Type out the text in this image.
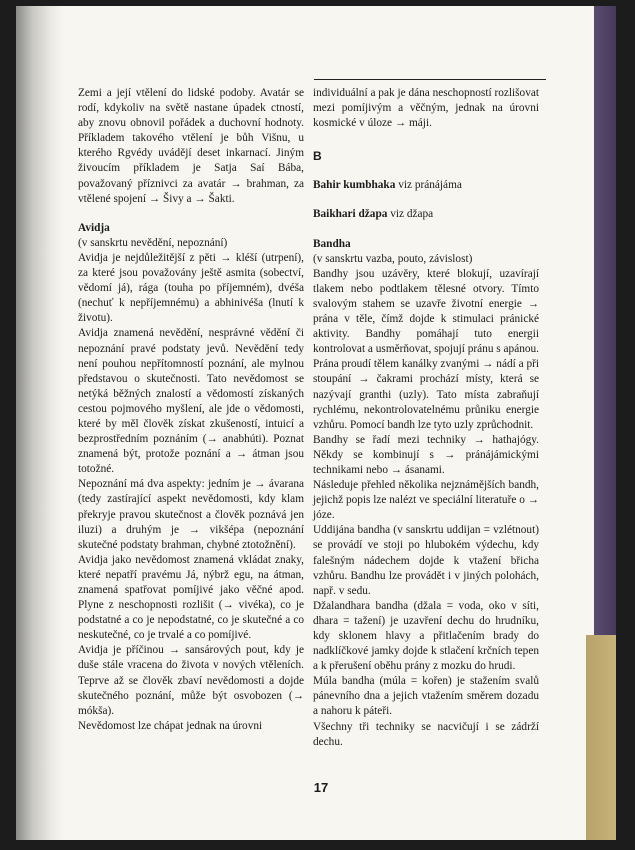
Zemi a její vtělení do lidské podoby. Avatár se rodí, kdykoliv na světě nastane úpadek ctností, aby znovu obnovil pořádek a duchovní hodnoty. Příkladem takového vtělení je bůh Višnu, u kterého Rgvédy uvádějí deset inkarnací. Jiným živoucím příkladem je Satja Saí Bába, považovaný příznivci za avatár → brahman, za vtělené spojení → Šivy a → Šakti.

Avidja

(v sanskrtu nevědění, nepoznání)

Avidja je nejdůležitější z pěti → kléší (utrpení), za které jsou považovány ještě asmita (sobectví, vědomí já), rága (touha po příjemném), dvéša (nechuť k nepříjemnému) a abhinivéša (lnutí k životu).

Avidja znamená nevědění, nesprávné vědění či nepoznání pravé podstaty jevů. Nevědění tedy není pouhou nepřítomností poznání, ale mylnou představou o skutečnosti. Tato nevědomost se netýká běžných znalostí a vědomostí získaných cestou pojmového myšlení, ale jde o vědomosti, které by měl člověk získat zkušeností, intuicí a bezprostředním poznáním (→ anabhúti). Poznat znamená být, protože poznání a → átman jsou totožné.

Nepoznání má dva aspekty: jedním je → ávarana (tedy zastírající aspekt nevědomosti, kdy klam překryje pravou skutečnost a člověk poznává jen iluzi) a druhým je → vikšépa (nepoznání skutečné podstaty brahman, chybné ztotožnění).

Avidja jako nevědomost znamená vkládat znaky, které nepatří pravému Já, nýbrž egu, na átman, znamená spatřovat pomíjivé jako věčné apod. Plyne z neschopnosti rozlišit (→ vivéka), co je podstatné a co je nepodstatné, co je skutečné a co neskutečné, co je trvalé a co pomíjivé.

Avidja je příčinou → sansárových pout, kdy je duše stále vracena do života v nových vtěleních. Teprve až se člověk zbaví nevědomosti a dojde skutečného poznání, může být osvobozen (→ mókša).

Nevědomost lze chápat jednak na úrovni

individuální a pak je dána neschopností rozlišovat mezi pomíjivým a věčným, jednak na úrovni kosmické v úloze → máji.

B

Bahir kumbhaka viz pránájáma

Baikhari džapa viz džapa

Bandha

(v sanskrtu vazba, pouto, závislost)

Bandhy jsou uzávěry, které blokují, uzavírají tlakem nebo podtlakem tělesné otvory. Tímto svalovým stahem se uzavře životní energie → prána v těle, čímž dojde k stimulaci pránické aktivity. Bandhy pomáhají tuto energii kontrolovat a usměrňovat, spojují pránu s apánou. Prána proudí tělem kanálky zvanými → nádí a při stoupání → čakrami prochází místy, která se nazývají granthi (uzly). Tato místa zabraňují rychlému, nekontrolovatelnému průniku energie vzhůru. Pomocí bandh lze tyto uzly zprůchodnit.

Bandhy se řadí mezi techniky → hathajógy. Někdy se kombinují s → pránájámickými technikami nebo → ásanami.

Následuje přehled několika nejznámějších bandh, jejichž popis lze nalézt ve speciální literatuře o → józe.

Uddijána bandha (v sanskrtu uddijan = vzlétnout) se provádí ve stoji po hlubokém výdechu, kdy falešným nádechem dojde k vtažení břicha vzhůru. Bandhu lze provádět i v jiných polohách, např. v sedu.

Džalandhara bandha (džala = voda, oko v síti, dhara = tažení) je uzavření dechu do hrudníku, kdy sklonem hlavy a přitlačením brady do nadklíčkové jamky dojde k stlačení krčních tepen a k přerušení oběhu prány z mozku do hrudi.

Múla bandha (múla = kořen) je stažením svalů pánevního dna a jejich vtažením směrem dozadu a nahoru k páteři.

Všechny tři techniky se nacvičují i se zádrží dechu.

17
